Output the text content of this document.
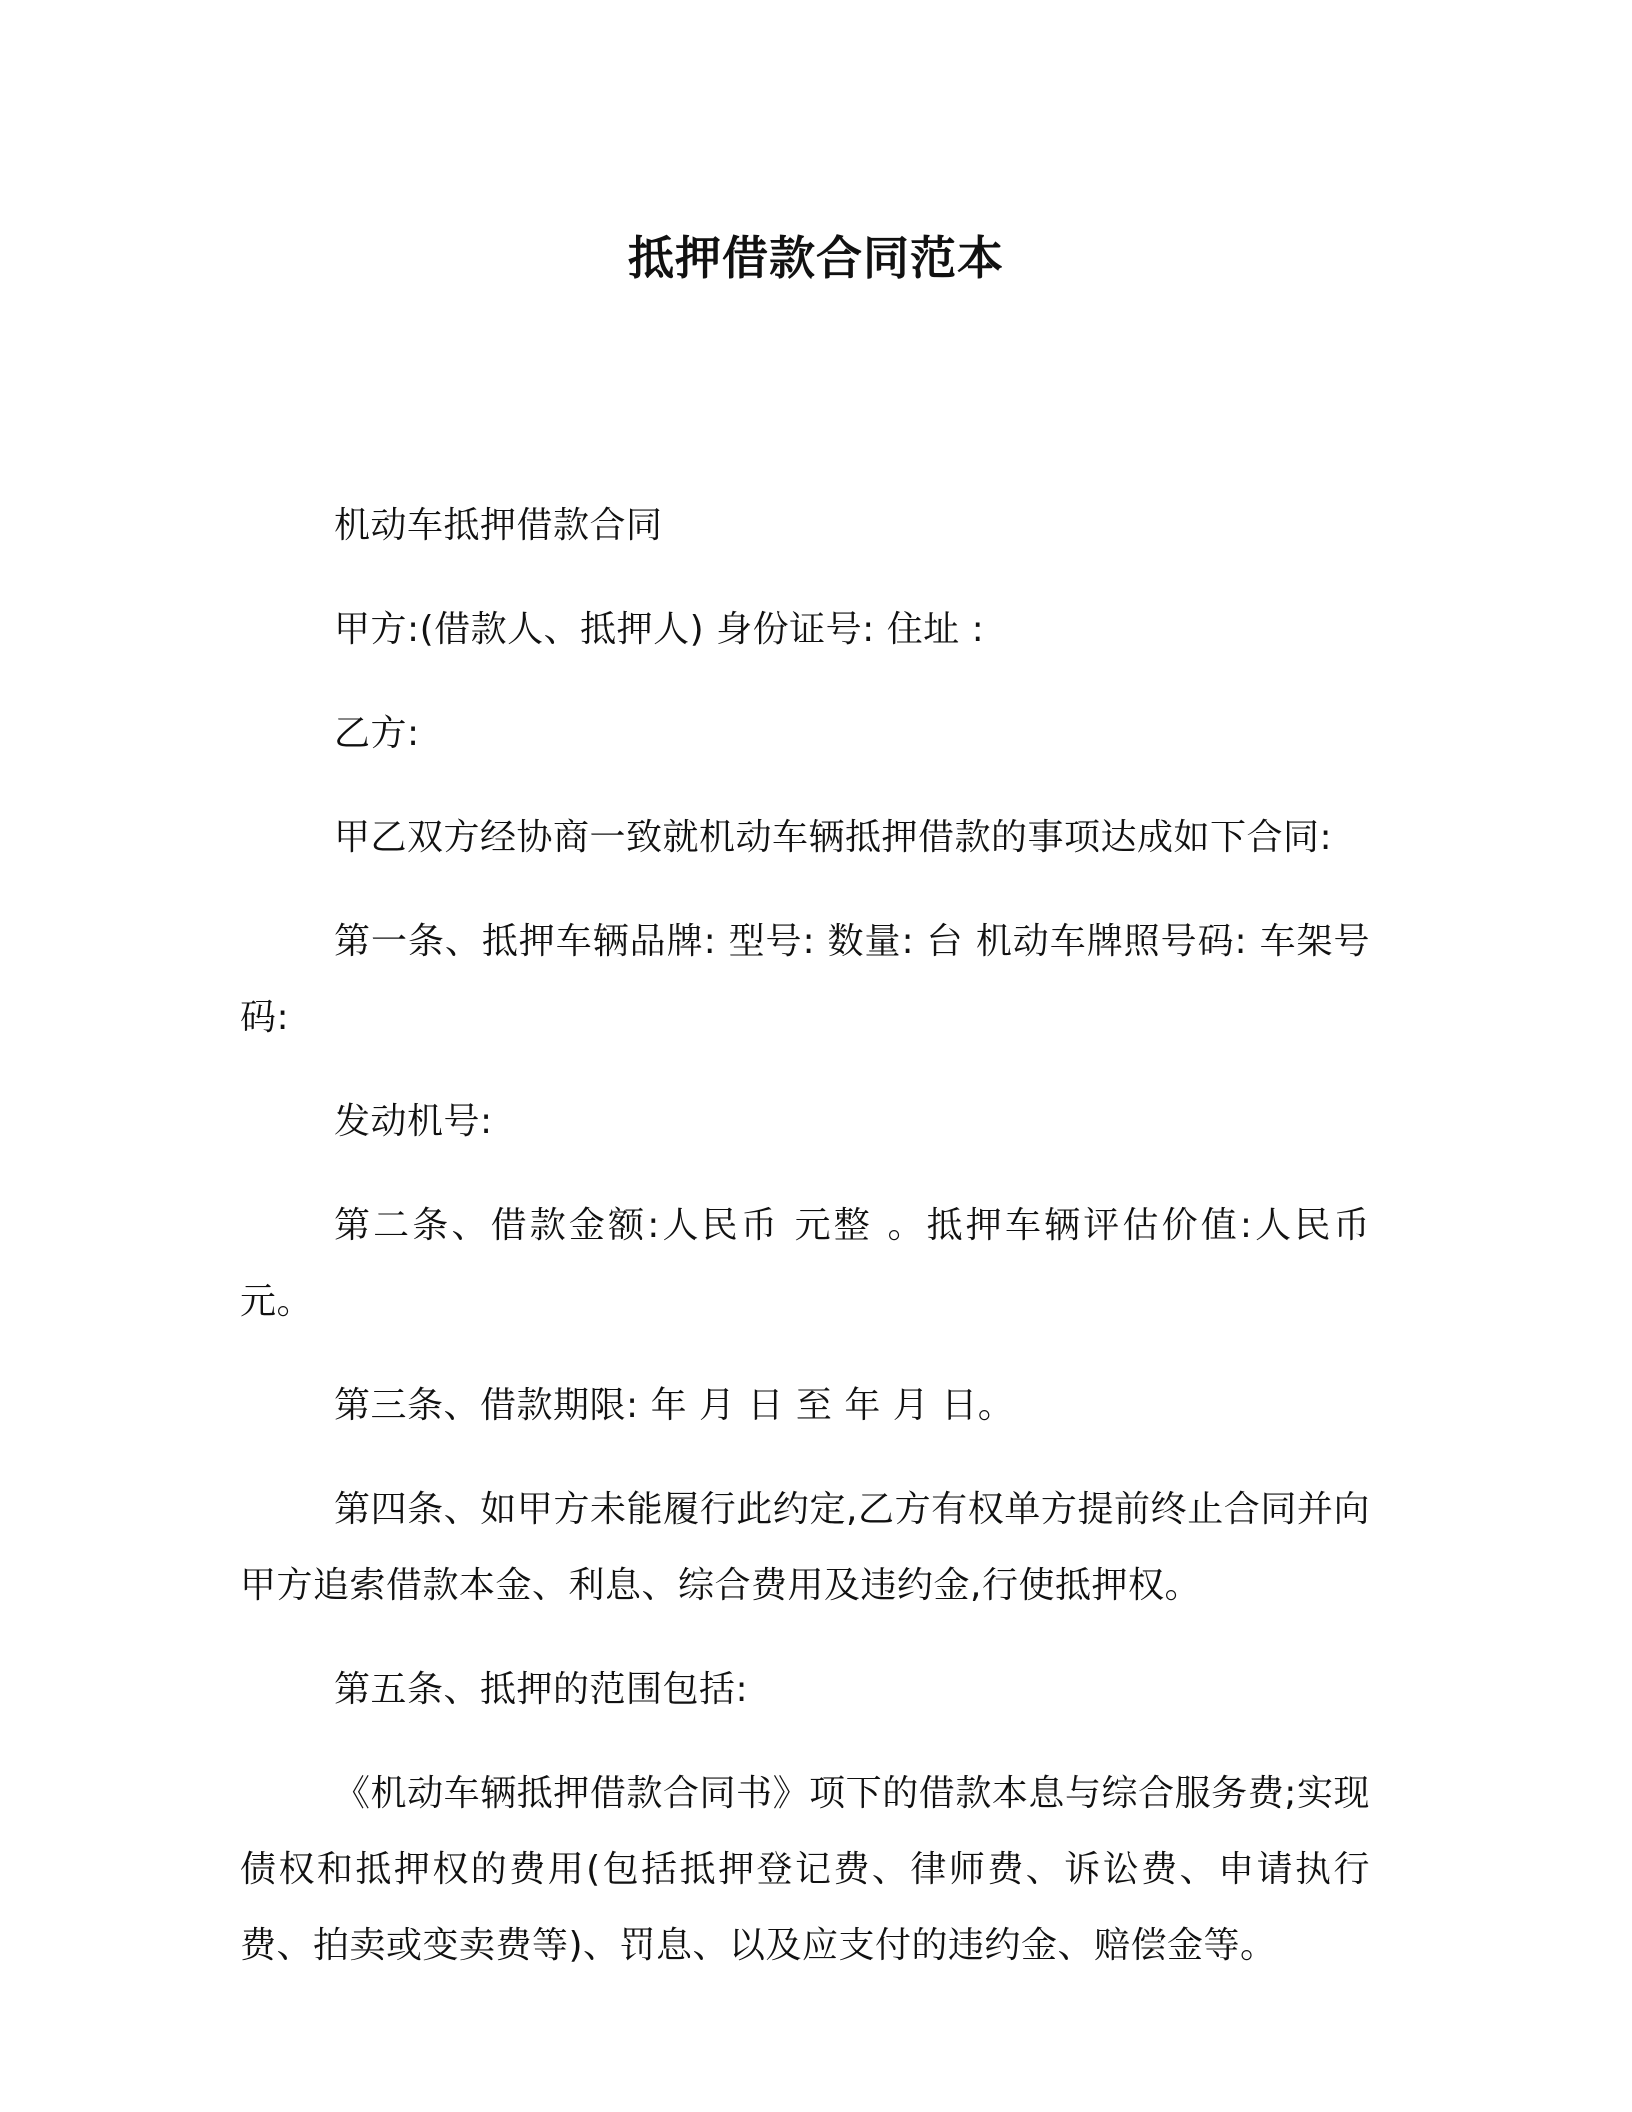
抵押借款合同范本

机动车抵押借款合同

甲方:(借款人、抵押人) 身份证号: 住址 :

乙方:

甲乙双方经协商一致就机动车辆抵押借款的事项达成如下合同:

第一条、抵押车辆品牌: 型号: 数量: 台 机动车牌照号码: 车架号码:

发动机号:

第二条、借款金额:人民币 元整 。抵押车辆评估价值:人民币 元。

第三条、借款期限: 年 月 日 至 年 月 日。

第四条、如甲方未能履行此约定,乙方有权单方提前终止合同并向甲方追索借款本金、利息、综合费用及违约金,行使抵押权。

第五条、抵押的范围包括:

《机动车辆抵押借款合同书》项下的借款本息与综合服务费;实现债权和抵押权的费用(包括抵押登记费、律师费、诉讼费、申请执行费、拍卖或变卖费等)、罚息、以及应支付的违约金、赔偿金等。
